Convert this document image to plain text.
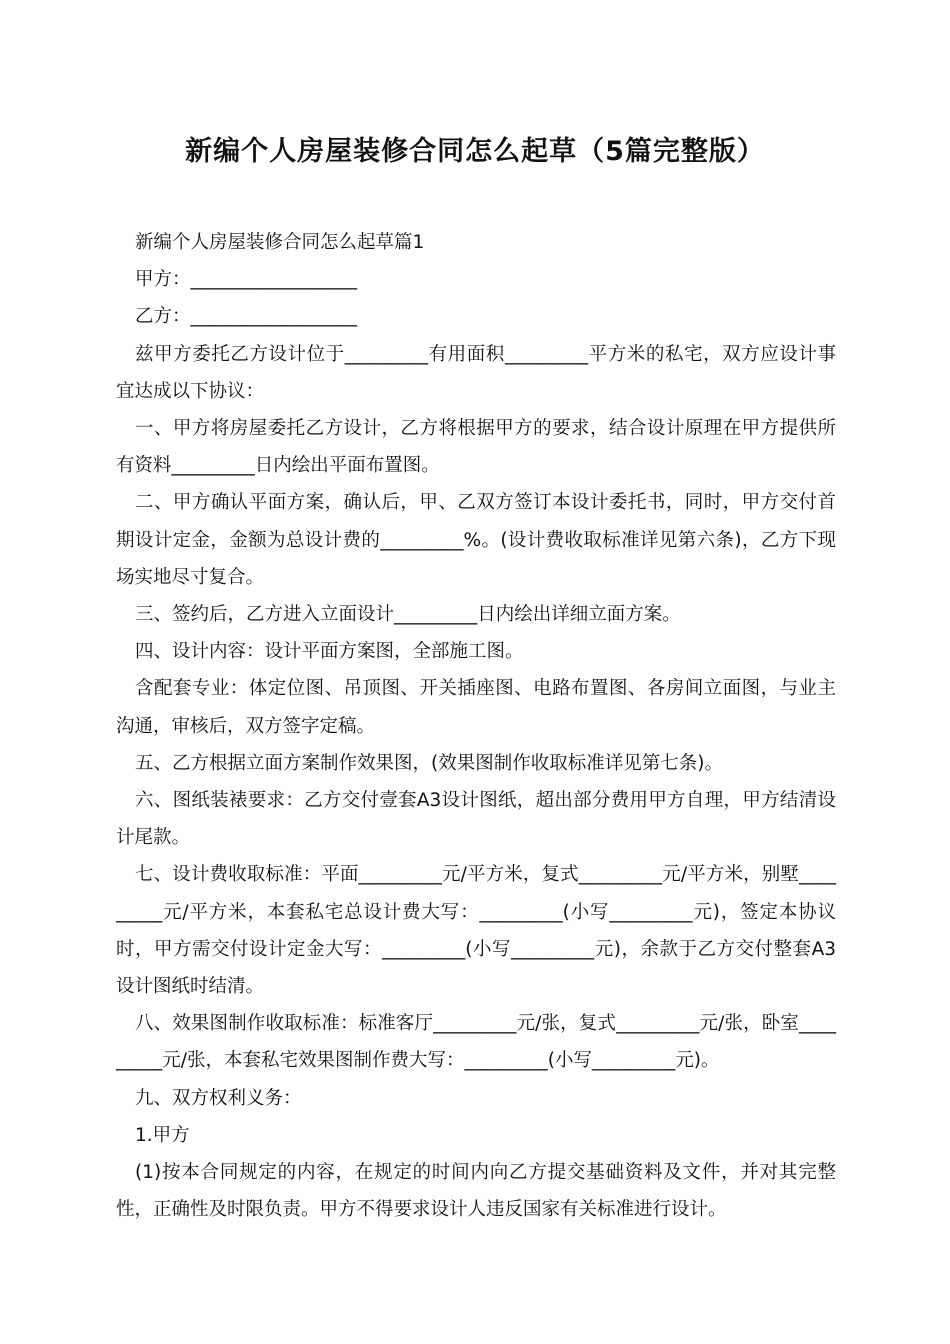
新编个人房屋装修合同怎么起草（5篇完整版）

新编个人房屋装修合同怎么起草篇1

甲方：__________________

乙方：__________________

兹甲方委托乙方设计位于_________有用面积_________平方米的私宅，双方应设计事宜达成以下协议：

一、甲方将房屋委托乙方设计，乙方将根据甲方的要求，结合设计原理在甲方提供所有资料_________日内绘出平面布置图。

二、甲方确认平面方案，确认后，甲、乙双方签订本设计委托书，同时，甲方交付首期设计定金，金额为总设计费的_________%。(设计费收取标准详见第六条)，乙方下现场实地尽寸复合。

三、签约后，乙方进入立面设计_________日内绘出详细立面方案。

四、设计内容：设计平面方案图，全部施工图。

含配套专业：体定位图、吊顶图、开关插座图、电路布置图、各房间立面图，与业主沟通，审核后，双方签字定稿。

五、乙方根据立面方案制作效果图，(效果图制作收取标准详见第七条)。

六、图纸装裱要求：乙方交付壹套A3设计图纸，超出部分费用甲方自理，甲方结清设计尾款。

七、设计费收取标准：平面_________元/平方米，复式_________元/平方米，别墅_________元/平方米，本套私宅总设计费大写：_________(小写_________元)，签定本协议时，甲方需交付设计定金大写：_________(小写_________元)，余款于乙方交付整套A3设计图纸时结清。

八、效果图制作收取标准：标准客厅_________元/张，复式_________元/张，卧室_________元/张，本套私宅效果图制作费大写：_________(小写_________元)。

九、双方权利义务：

1.甲方

(1)按本合同规定的内容，在规定的时间内向乙方提交基础资料及文件，并对其完整性，正确性及时限负责。甲方不得要求设计人违反国家有关标准进行设计。
